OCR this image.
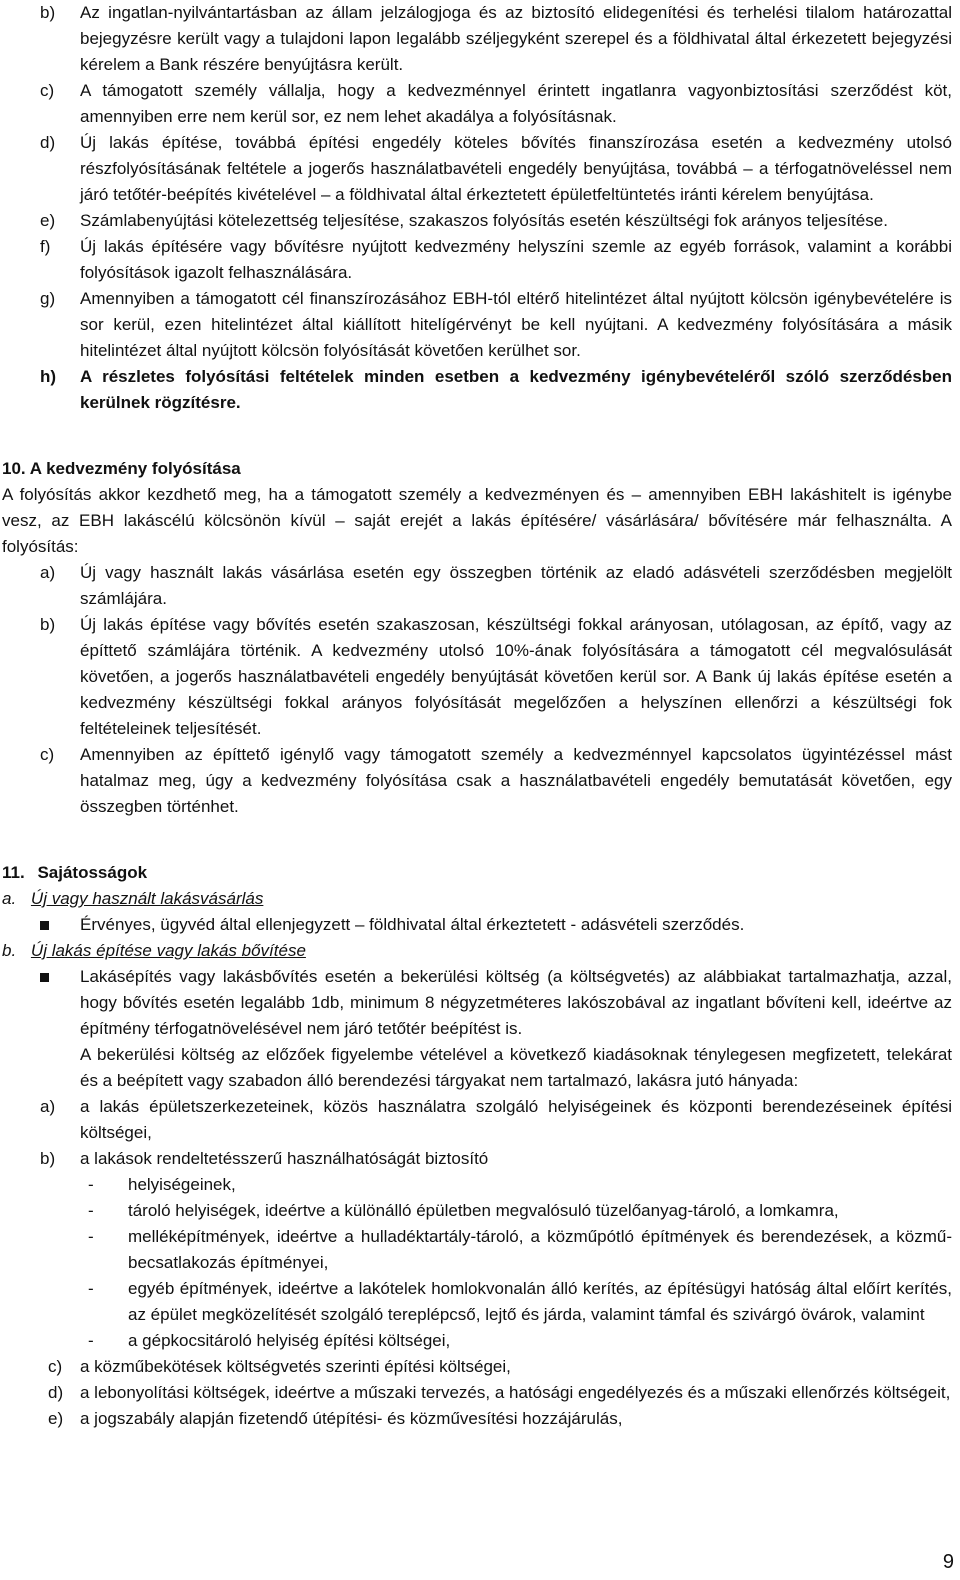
b) Az ingatlan-nyilvántartásban az állam jelzálogjoga és az biztosító elidegenítési és terhelési tilalom határozattal bejegyzésre került vagy a tulajdoni lapon legalább széljegyként szerepel és a földhivatal által érkezetett bejegyzési kérelem a Bank részére benyújtásra került.
c) A támogatott személy vállalja, hogy a kedvezménnyel érintett ingatlanra vagyonbiztosítási szerződést köt, amennyiben erre nem kerül sor, ez nem lehet akadálya a folyósításnak.
d) Új lakás építése, továbbá építési engedély köteles bővítés finanszírozása esetén a kedvezmény utolsó részfolyósításának feltétele a jogerős használatbavételi engedély benyújtása, továbbá – a térfogatnöveléssel nem járó tetőtér-beépítés kivételével – a földhivatal által érkeztetett épületfeltüntetés iránti kérelem benyújtása.
e) Számlabenyújtási kötelezettség teljesítése, szakaszos folyósítás esetén készültségi fok arányos teljesítése.
f) Új lakás építésére vagy bővítésre nyújtott kedvezmény helyszíni szemle az egyéb források, valamint a korábbi folyósítások igazolt felhasználására.
g) Amennyiben a támogatott cél finanszírozásához EBH-tól eltérő hitelintézet által nyújtott kölcsön igénybevételére is sor kerül, ezen hitelintézet által kiállított hitelígérvényt be kell nyújtani. A kedvezmény folyósítására a másik hitelintézet által nyújtott kölcsön folyósítását követően kerülhet sor.
h) A részletes folyósítási feltételek minden esetben a kedvezmény igénybevételéről szóló szerződésben kerülnek rögzítésre.
10. A kedvezmény folyósítása
A folyósítás akkor kezdhető meg, ha a támogatott személy a kedvezményen és – amennyiben EBH lakáshitelt is igénybe vesz, az EBH lakáscélú kölcsönön kívül – saját erejét a lakás építésére/ vásárlására/ bővítésére már felhasználta. A folyósítás:
a) Új vagy használt lakás vásárlása esetén egy összegben történik az eladó adásvételi szerződésben megjelölt számlájára.
b) Új lakás építése vagy bővítés esetén szakaszosan, készültségi fokkal arányosan, utólagosan, az építő, vagy az építtető számlájára történik. A kedvezmény utolsó 10%-ának folyósítására a támogatott cél megvalósulását követően, a jogerős használatbavételi engedély benyújtását követően kerül sor. A Bank új lakás építése esetén a kedvezmény készültségi fokkal arányos folyósítását megelőzően a helyszínen ellenőrzi a készültségi fok feltételeinek teljesítését.
c) Amennyiben az építtető igénylő vagy támogatott személy a kedvezménnyel kapcsolatos ügyintézéssel mást hatalmaz meg, úgy a kedvezmény folyósítása csak a használatbavételi engedély bemutatását követően, egy összegben történhet.
11. Sajátosságok
a. Új vagy használt lakásvásárlás
Érvényes, ügyvéd által ellenjegyzett – földhivatal által érkeztetett - adásvételi szerződés.
b. Új lakás építése vagy lakás bővítése
Lakásépítés vagy lakásbővítés esetén a bekerülési költség (a költségvetés) az alábbiakat tartalmazhatja, azzal, hogy bővítés esetén legalább 1db, minimum 8 négyzetméteres lakószobával az ingatlant bővíteni kell, ideértve az építmény térfogatnövelésével nem járó tetőtér beépítést is.
A bekerülési költség az előzőek figyelembe vételével a következő kiadásoknak ténylegesen megfizetett, telekárat és a beépített vagy szabadon álló berendezési tárgyakat nem tartalmazó, lakásra jutó hányada:
a) a lakás épületszerkezeteinek, közös használatra szolgáló helyiségeinek és központi berendezéseinek építési költségei,
b) a lakások rendeltetésszerű használhatóságát biztosító
- helyiségeinek,
- tároló helyiségek, ideértve a különálló épületben megvalósuló tüzelőanyag-tároló, a lomkamra,
- melléképítmények, ideértve a hulladéktartály-tároló, a közműpótló építmények és berendezések, a közmű-becsatlakozás építményei,
- egyéb építmények, ideértve a lakótelek homlokvonalán álló kerítés, az építésügyi hatóság által előírt kerítés, az épület megközelítését szolgáló tereplépcső, lejtő és járda, valamint támfal és szivárgó övárok, valamint
- a gépkocsitároló helyiség építési költségei,
c) a közműbekötések költségvetés szerinti építési költségei,
d) a lebonyolítási költségek, ideértve a műszaki tervezés, a hatósági engedélyezés és a műszaki ellenőrzés költségeit,
e) a jogszabály alapján fizetendő útépítési- és közművesítési hozzájárulás,
9
